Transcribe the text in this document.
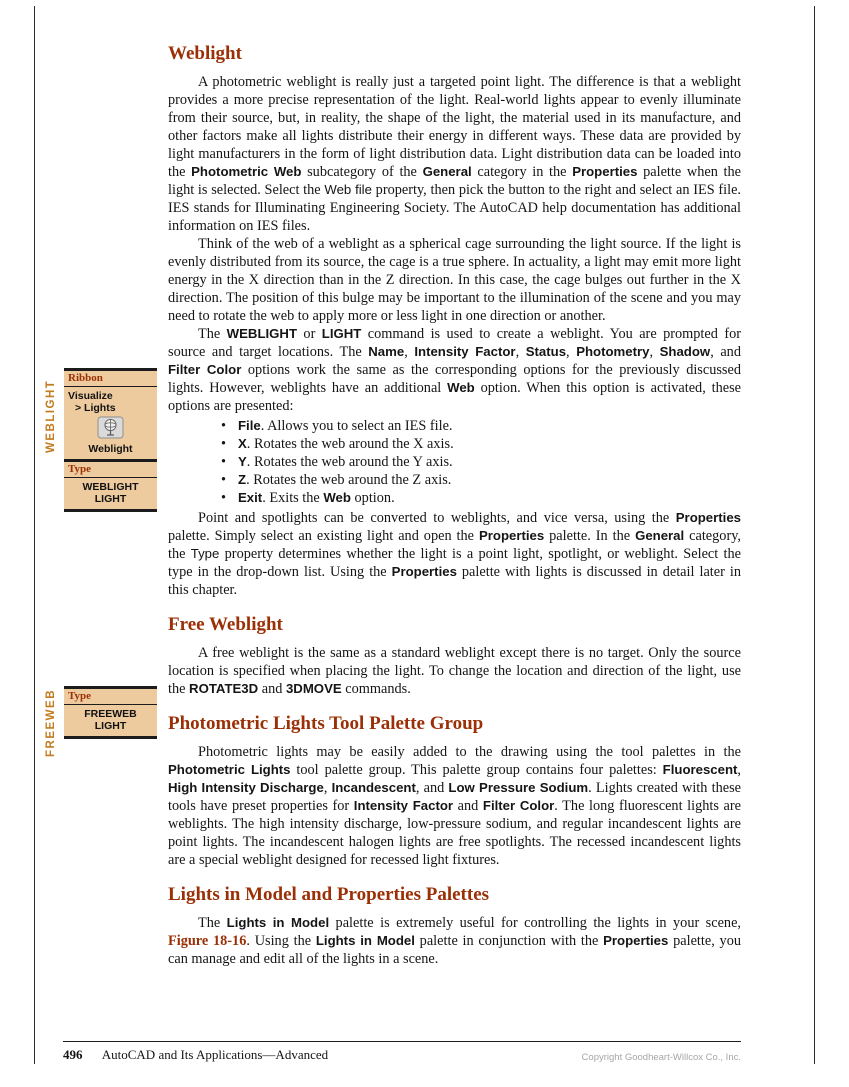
WEBLIGHT
FREEWEB
Ribbon
Visualize
> Lights
Weblight
Type
WEBLIGHT
LIGHT
Type
FREEWEB
LIGHT
Weblight

A photometric weblight is really just a targeted point light. The difference is that a weblight provides a more precise representation of the light. Real-world lights appear to evenly illuminate from their source, but, in reality, the shape of the light, the material used in its manufacture, and other factors make all lights distribute their energy in different ways. These data are provided by light manufacturers in the form of light distribution data. Light distribution data can be loaded into the Photometric Web subcategory of the General category in the Properties palette when the light is selected. Select the Web file property, then pick the button to the right and select an IES file. IES stands for Illuminating Engineering Society. The AutoCAD help documentation has additional information on IES files.

Think of the web of a weblight as a spherical cage surrounding the light source. If the light is evenly distributed from its source, the cage is a true sphere. In actuality, a light may emit more light energy in the X direction than in the Z direction. In this case, the cage bulges out further in the X direction. The position of this bulge may be important to the illumination of the scene and you may need to rotate the web to apply more or less light in one direction or another.

The WEBLIGHT or LIGHT command is used to create a weblight. You are prompted for source and target locations. The Name, Intensity Factor, Status, Photometry, Shadow, and Filter Color options work the same as the corresponding options for the previously discussed lights. However, weblights have an additional Web option. When this option is activated, these options are presented:

• File. Allows you to select an IES file.
• X. Rotates the web around the X axis.
• Y. Rotates the web around the Y axis.
• Z. Rotates the web around the Z axis.
• Exit. Exits the Web option.

Point and spotlights can be converted to weblights, and vice versa, using the Properties palette. Simply select an existing light and open the Properties palette. In the General category, the Type property determines whether the light is a point light, spotlight, or weblight. Select the type in the drop-down list. Using the Properties palette with lights is discussed in detail later in this chapter.

Free Weblight

A free weblight is the same as a standard weblight except there is no target. Only the source location is specified when placing the light. To change the location and direction of the light, use the ROTATE3D and 3DMOVE commands.

Photometric Lights Tool Palette Group

Photometric lights may be easily added to the drawing using the tool palettes in the Photometric Lights tool palette group. This palette group contains four palettes: Fluorescent, High Intensity Discharge, Incandescent, and Low Pressure Sodium. Lights created with these tools have preset properties for Intensity Factor and Filter Color. The long fluorescent lights are weblights. The high intensity discharge, low-pressure sodium, and regular incandescent lights are point lights. The incandescent halogen lights are free spotlights. The recessed incandescent lights are a special weblight designed for recessed light fixtures.

Lights in Model and Properties Palettes

The Lights in Model palette is extremely useful for controlling the lights in your scene, Figure 18-16. Using the Lights in Model palette in conjunction with the Properties palette, you can manage and edit all of the lights in a scene.

496 AutoCAD and Its Applications—Advanced	Copyright Goodheart-Willcox Co., Inc.
